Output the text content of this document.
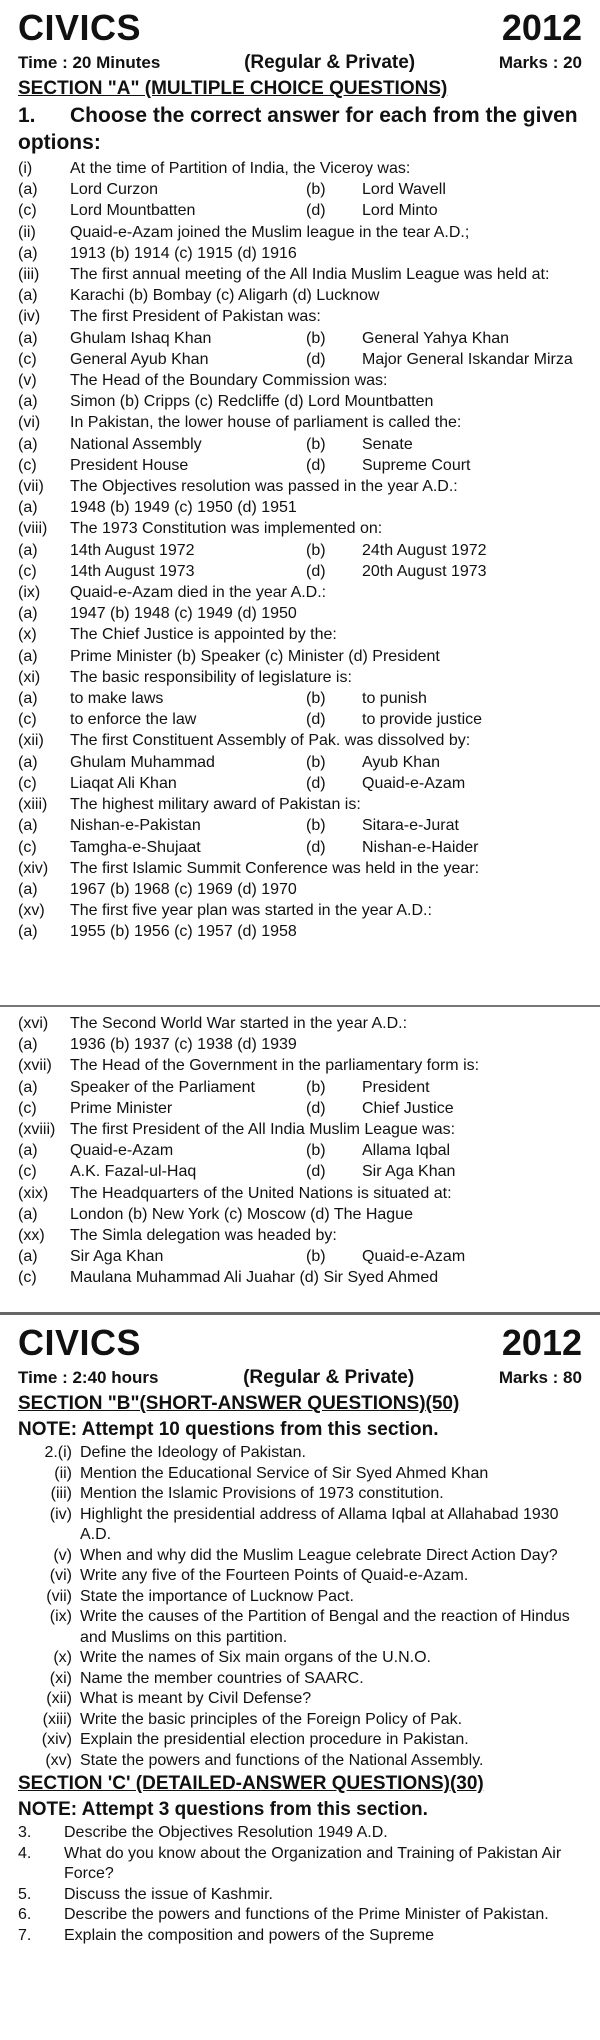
CIVICS	2012
Time : 20 Minutes	(Regular & Private)	Marks : 20
SECTION "A" (MULTIPLE CHOICE QUESTIONS)
1. Choose the correct answer for each from the given options:
(i)	At the time of Partition of India, the Viceroy was:
(a)	Lord Curzon	(b)	Lord Wavell
(c)	Lord Mountbatten	(d)	Lord Minto
(ii)	Quaid-e-Azam joined the Muslim league in the tear A.D.;
(a)	1913 (b) 1914 (c) 1915 (d) 1916
(iii)	The first annual meeting of the All India Muslim League was held at:
(a)	Karachi (b) Bombay (c) Aligarh (d) Lucknow
(iv)	The first President of Pakistan was:
(a)	Ghulam Ishaq Khan	(b)	General Yahya Khan
(c)	General Ayub Khan	(d)	Major General Iskandar Mirza
(v)	The Head of the Boundary Commission was:
(a)	Simon (b) Cripps (c) Redcliffe (d) Lord Mountbatten
(vi)	In Pakistan, the lower house of parliament is called the:
(a)	National Assembly	(b)	Senate
(c)	President House	(d)	Supreme Court
(vii)	The Objectives resolution was passed in the year A.D.:
(a)	1948 (b) 1949 (c) 1950 (d) 1951
(viii)	The 1973 Constitution was implemented on:
(a)	14th August 1972	(b)	24th August 1972
(c)	14th August 1973	(d)	20th August 1973
(ix)	Quaid-e-Azam died in the year A.D.:
(a)	1947 (b) 1948 (c) 1949 (d) 1950
(x)	The Chief Justice is appointed by the:
(a)	Prime Minister (b) Speaker (c) Minister (d) President
(xi)	The basic responsibility of legislature is:
(a)	to make laws	(b)	to punish
(c)	to enforce the law	(d)	to provide justice
(xii)	The first Constituent Assembly of Pak. was dissolved by:
(a)	Ghulam Muhammad	(b)	Ayub Khan
(c)	Liaqat Ali Khan	(d)	Quaid-e-Azam
(xiii)	The highest military award of Pakistan is:
(a)	Nishan-e-Pakistan	(b)	Sitara-e-Jurat
(c)	Tamgha-e-Shujaat	(d)	Nishan-e-Haider
(xiv)	The first Islamic Summit Conference was held in the year:
(a)	1967 (b) 1968 (c) 1969 (d) 1970
(xv)	The first five year plan was started in the year A.D.:
(a)	1955 (b) 1956 (c) 1957 (d) 1958
(xvi)	The Second World War started in the year A.D.:
(a)	1936 (b) 1937 (c) 1938 (d) 1939
(xvii)	The Head of the Government in the parliamentary form is:
(a)	Speaker of the Parliament	(b)	President
(c)	Prime Minister	(d)	Chief Justice
(xviii) The first President of the All India Muslim League was:
(a)	Quaid-e-Azam	(b)	Allama Iqbal
(c)	A.K. Fazal-ul-Haq	(d)	Sir Aga Khan
(xix)	The Headquarters of the United Nations is situated at:
(a)	London (b) New York (c) Moscow (d) The Hague
(xx)	The Simla delegation was headed by:
(a)	Sir Aga Khan	(b)	Quaid-e-Azam
(c)	Maulana Muhammad Ali Juahar (d) Sir Syed Ahmed
CIVICS	2012
Time : 2:40 hours	(Regular & Private)	Marks : 80
SECTION "B"(SHORT-ANSWER QUESTIONS)(50)
NOTE: Attempt 10 questions from this section.
2.(i) Define the Ideology of Pakistan.
(ii) Mention the Educational Service of Sir Syed Ahmed Khan
(iii) Mention the Islamic Provisions of 1973 constitution.
(iv) Highlight the presidential address of Allama Iqbal at Allahabad 1930 A.D.
(v) When and why did the Muslim League celebrate Direct Action Day?
(vi) Write any five of the Fourteen Points of Quaid-e-Azam.
(vii) State the importance of Lucknow Pact.
(ix) Write the causes of the Partition of Bengal and the reaction of Hindus and Muslims on this partition.
(x) Write the names of Six main organs of the U.N.O.
(xi) Name the member countries of SAARC.
(xii) What is meant by Civil Defense?
(xiii) Write the basic principles of the Foreign Policy of Pak.
(xiv) Explain the presidential election procedure in Pakistan.
(xv) State the powers and functions of the National Assembly.
SECTION 'C' (DETAILED-ANSWER QUESTIONS)(30)
NOTE: Attempt 3 questions from this section.
3.	Describe the Objectives Resolution 1949 A.D.
4.	What do you know about the Organization and Training of Pakistan Air Force?
5.	Discuss the issue of Kashmir.
6.	Describe the powers and functions of the Prime Minister of Pakistan.
7.	Explain the composition and powers of the Supreme
